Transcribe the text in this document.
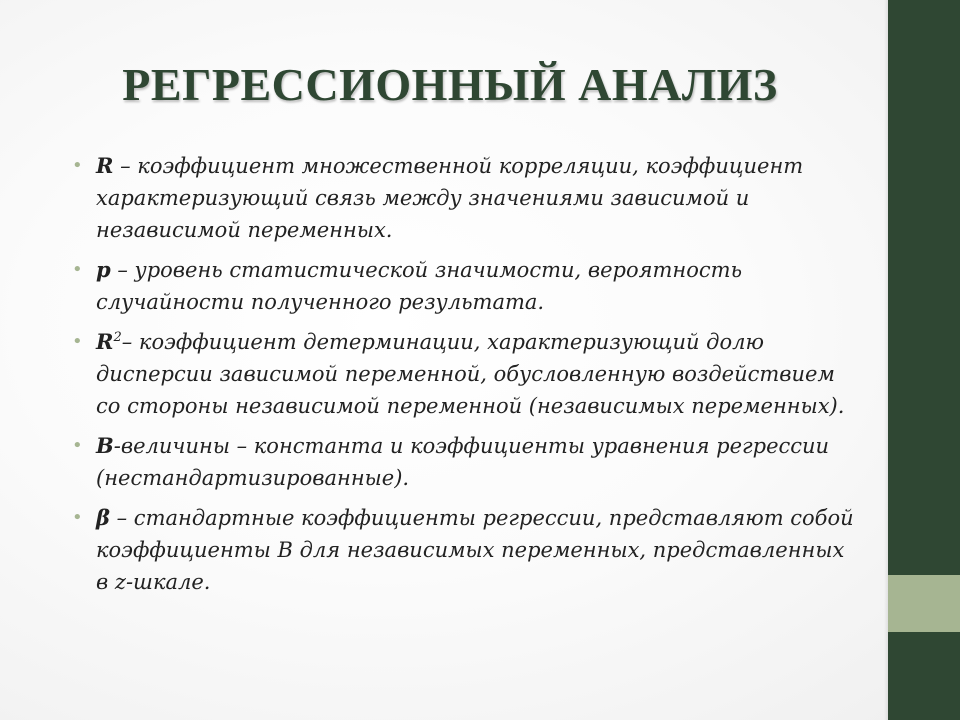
РЕГРЕССИОННЫЙ АНАЛИЗ
• R – коэффициент множественной корреляции, коэффициент характеризующий связь между значениями зависимой и независимой переменных.
• p – уровень статистической значимости, вероятность случайности полученного результата.
• $R^2-$ коэффициент детерминации, характеризующий долю дисперсии зависимой переменной, обусловленную воздействием со стороны независимой переменной (независимых переменных).
• B-величины – константа и коэффициенты уравнения регрессии (нестандартизированные).
• β – стандартные коэффициенты регрессии, представляют собой коэффициенты В для независимых переменных, представленных в z-шкале.
